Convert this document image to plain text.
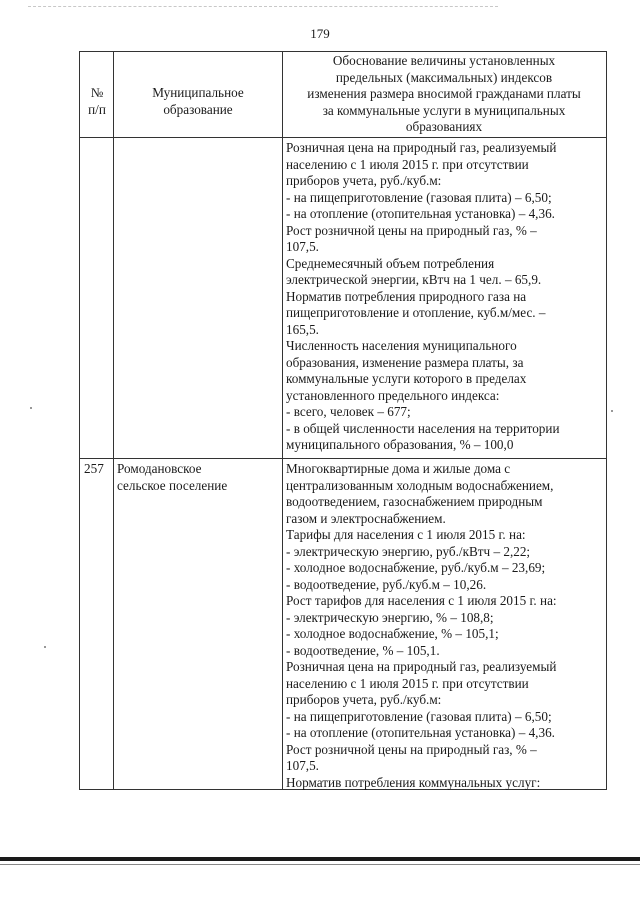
179
№
п/п
Муниципальное
образование
Обоснование величины установленных
предельных (максимальных) индексов
изменения размера вносимой гражданами платы
за коммунальные услуги в муниципальных
образованиях
Розничная цена на природный газ, реализуемый
населению с 1 июля 2015 г. при отсутствии
приборов учета, руб./куб.м:
- на пищеприготовление (газовая плита) – 6,50;
- на отопление (отопительная установка) – 4,36.
Рост розничной цены на природный газ, % –
107,5.
Среднемесячный объем потребления
электрической энергии, кВтч на 1 чел. – 65,9.
Норматив потребления природного газа на
пищеприготовление и отопление, куб.м/мес. –
165,5.
Численность населения муниципального
образования, изменение размера платы, за
коммунальные услуги которого в пределах
установленного предельного индекса:
- всего, человек – 677;
- в общей численности населения на территории
муниципального образования, % – 100,0
257	Ромодановское
сельское поселение
Многоквартирные дома и жилые дома с
централизованным холодным водоснабжением,
водоотведением, газоснабжением природным
газом и электроснабжением.
Тарифы для населения с 1 июля 2015 г. на:
- электрическую энергию, руб./кВтч – 2,22;
- холодное водоснабжение, руб./куб.м – 23,69;
- водоотведение, руб./куб.м – 10,26.
Рост тарифов для населения с 1 июля 2015 г. на:
- электрическую энергию, % – 108,8;
- холодное водоснабжение, % – 105,1;
- водоотведение, % – 105,1.
Розничная цена на природный газ, реализуемый
населению с 1 июля 2015 г. при отсутствии
приборов учета, руб./куб.м:
- на пищеприготовление (газовая плита) – 6,50;
- на отопление (отопительная установка) – 4,36.
Рост розничной цены на природный газ, % –
107,5.
Норматив потребления коммунальных услуг:
